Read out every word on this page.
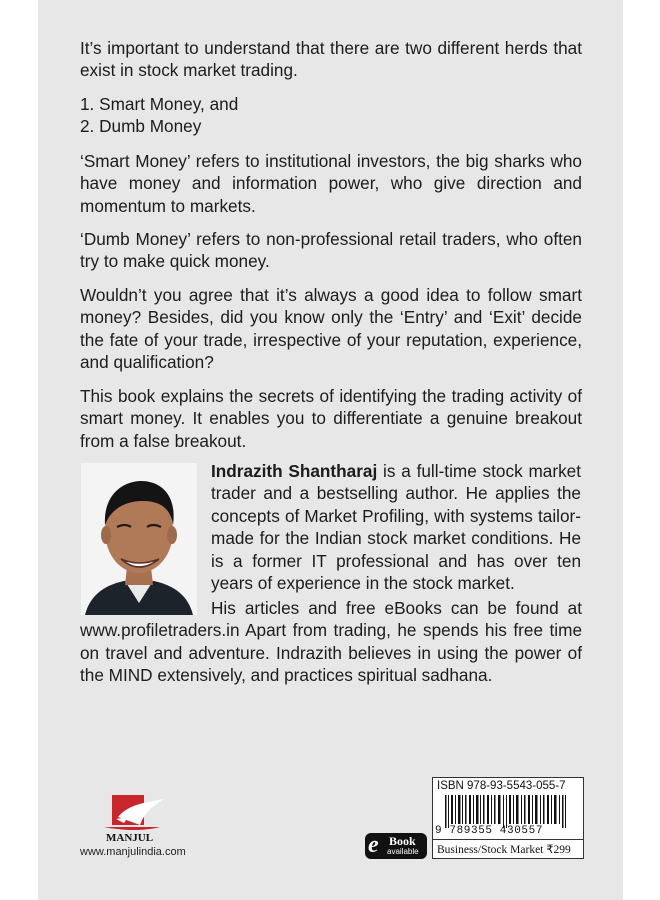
It’s important to understand that there are two different herds that exist in stock market trading.

1. Smart Money, and
2. Dumb Money

‘Smart Money’ refers to institutional investors, the big sharks who have money and information power, who give direction and momentum to markets.

‘Dumb Money’ refers to non-professional retail traders, who often try to make quick money.

Wouldn’t you agree that it’s always a good idea to follow smart money? Besides, did you know only the ‘Entry’ and ‘Exit’ decide the fate of your trade, irrespective of your reputation, experience, and qualification?

This book explains the secrets of identifying the trading activity of smart money. It enables you to differentiate a genuine breakout from a false breakout.

Indrazith Shantharaj is a full-time stock market trader and a bestselling author. He applies the concepts of Market Profiling, with systems tailor-made for the Indian stock market conditions. He is a former IT professional and has over ten years of experience in the stock market.
His articles and free eBooks can be found at www.profiletraders.in Apart from trading, he spends his free time on travel and adventure. Indrazith believes in using the power of the MIND extensively, and practices spiritual sadhana.
MANJUL
www.manjulindia.com	e Book
available
ISBN 978-93-5543-055-7
9 789355 430557
Business/Stock Market ₹299
